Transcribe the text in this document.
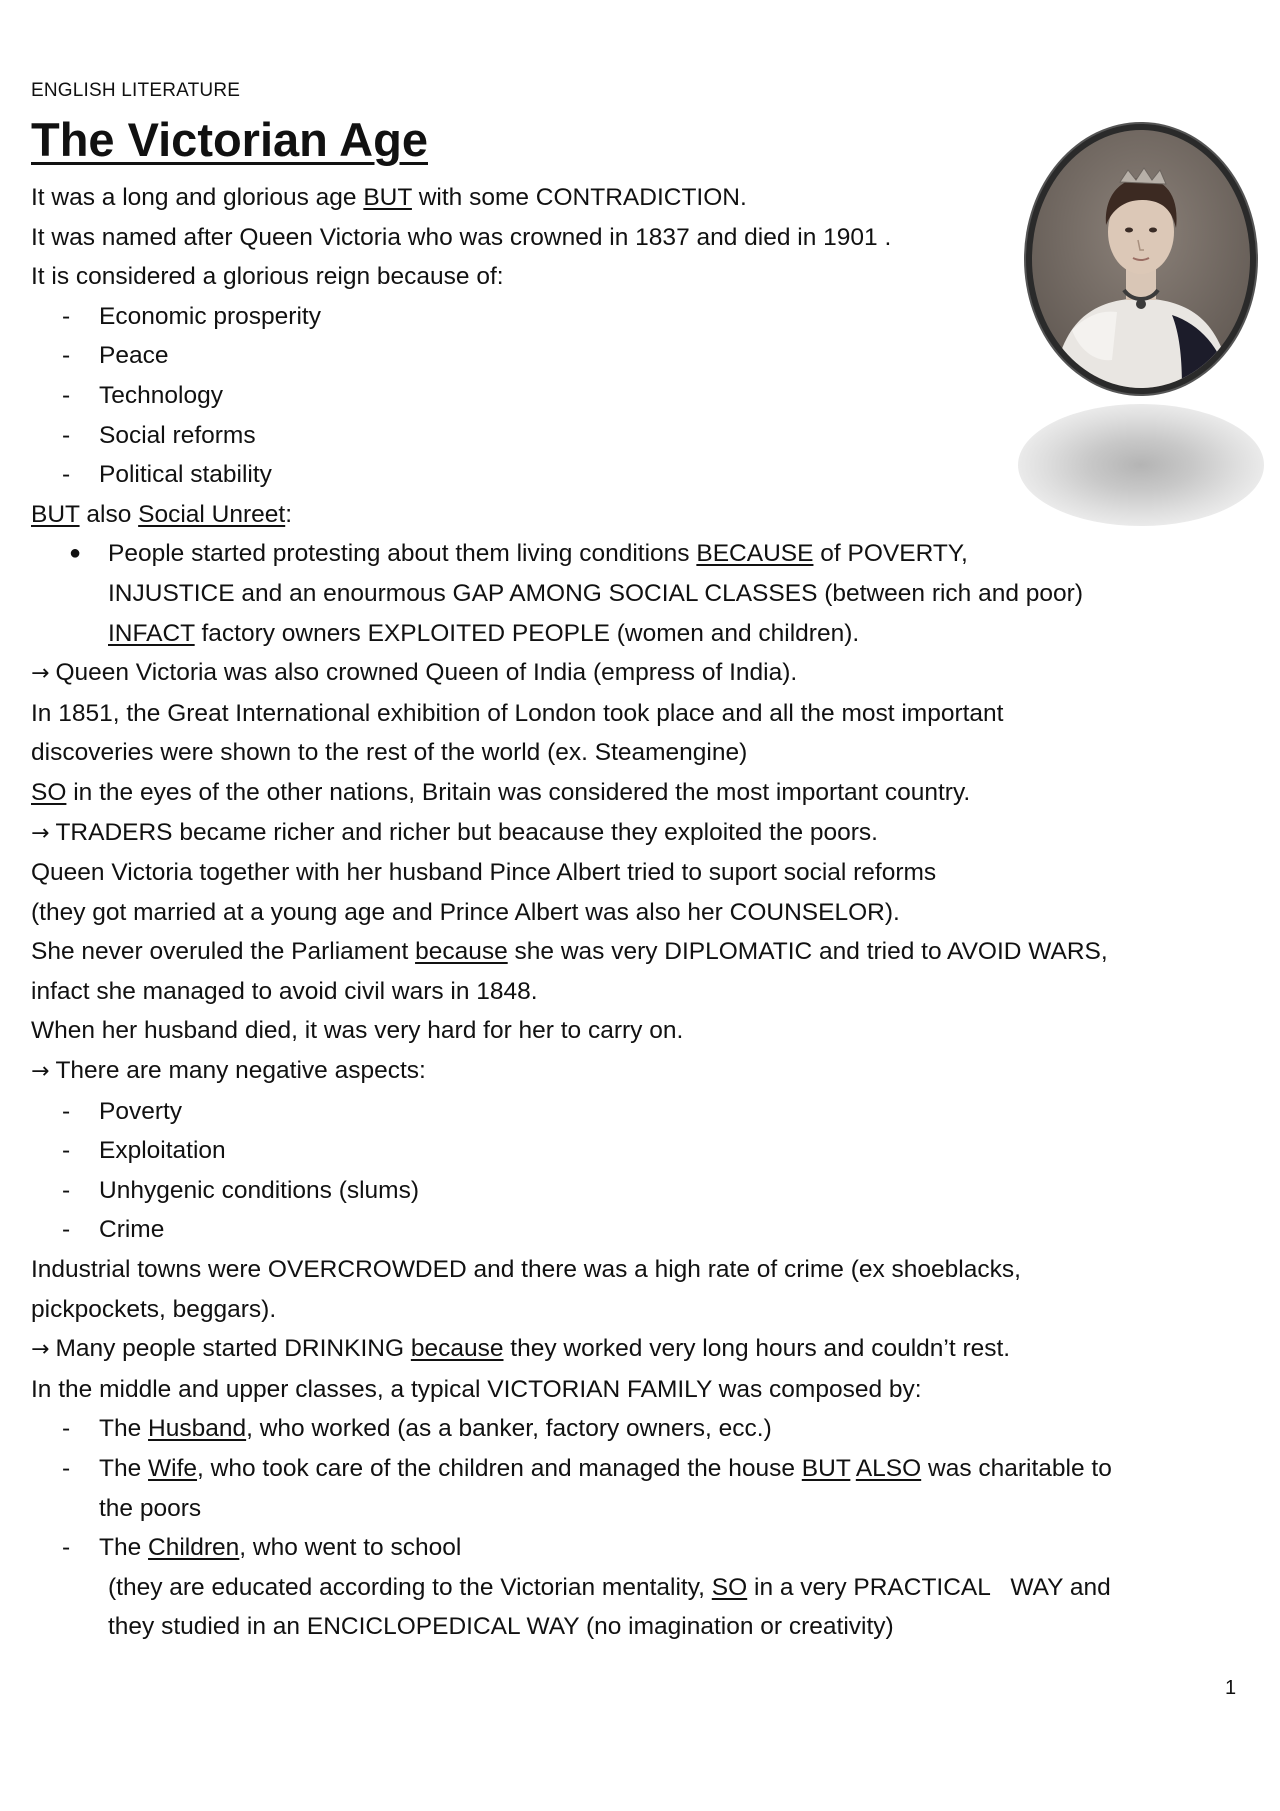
ENGLISH LITERATURE
The Victorian Age
It was a long and glorious age BUT with some CONTRADICTION.
It was named after Queen Victoria who was crowned in 1837 and died in 1901 .
It is considered a glorious reign because of:
- Economic prosperity
- Peace
- Technology
- Social reforms
- Political stability
BUT also Social Unreet:
● People started protesting about them living conditions BECAUSE of POVERTY,
INJUSTICE and an enourmous GAP AMONG SOCIAL CLASSES (between rich and poor)
INFACT factory owners EXPLOITED PEOPLE (women and children).
→ Queen Victoria was also crowned Queen of India (empress of India).
In 1851, the Great International exhibition of London took place and all the most important
discoveries were shown to the rest of the world (ex. Steamengine)
SO in the eyes of the other nations, Britain was considered the most important country.
→ TRADERS became richer and richer but beacause they exploited the poors.
Queen Victoria together with her husband Pince Albert tried to suport social reforms
(they got married at a young age and Prince Albert was also her COUNSELOR).
She never overuled the Parliament because she was very DIPLOMATIC and tried to AVOID WARS,
infact she managed to avoid civil wars in 1848.
When her husband died, it was very hard for her to carry on.
→ There are many negative aspects:
- Poverty
- Exploitation
- Unhygenic conditions (slums)
- Crime
Industrial towns were OVERCROWDED and there was a high rate of crime (ex shoeblacks,
pickpockets, beggars).
→ Many people started DRINKING because they worked very long hours and couldn’t rest.
In the middle and upper classes, a typical VICTORIAN FAMILY was composed by:
- The Husband, who worked (as a banker, factory owners, ecc.)
- The Wife, who took care of the children and managed the house BUT ALSO was charitable to
the poors
- The Children, who went to school
(they are educated according to the Victorian mentality, SO in a very PRACTICAL   WAY and
they studied in an ENCICLOPEDICAL WAY (no imagination or creativity)
1
